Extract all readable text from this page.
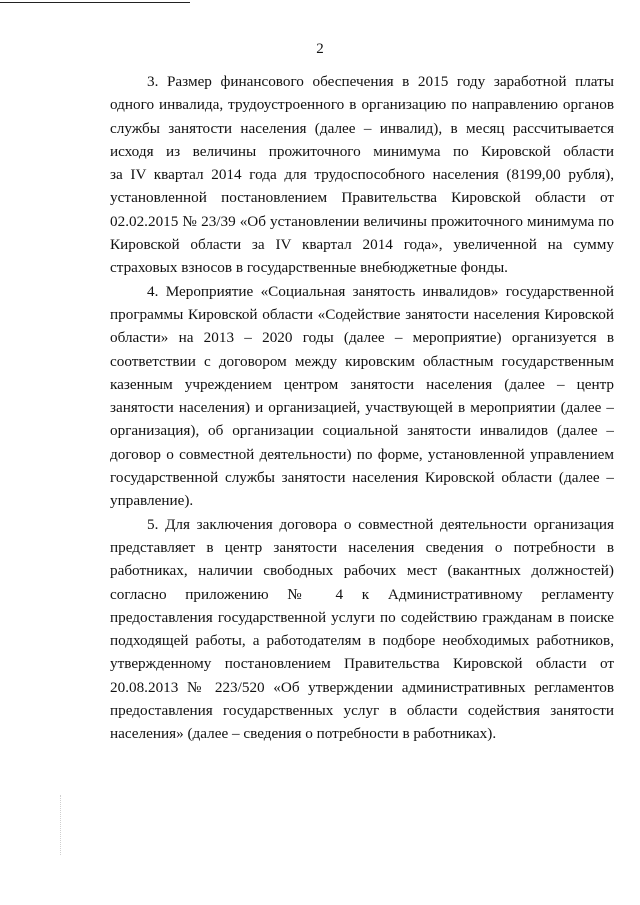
2
3. Размер финансового обеспечения в 2015 году заработной платы
одного инвалида, трудоустроенного в организацию по направлению органов
службы занятости населения (далее – инвалид), в месяц рассчитывается
исходя из величины прожиточного минимума по Кировской области
за IV квартал 2014 года для трудоспособного населения (8199,00 рубля),
установленной постановлением Правительства Кировской области от
02.02.2015 № 23/39 «Об установлении величины прожиточного минимума по
Кировской области за IV квартал 2014 года», увеличенной на сумму
страховых взносов в государственные внебюджетные фонды.
4. Мероприятие «Социальная занятость инвалидов» государственной
программы Кировской области «Содействие занятости населения Кировской
области» на 2013 – 2020 годы (далее – мероприятие) организуется в
соответствии с договором между кировским областным государственным
казенным учреждением центром занятости населения (далее – центр
занятости населения) и организацией, участвующей в мероприятии (далее –
организация), об организации социальной занятости инвалидов (далее –
договор о совместной деятельности) по форме, установленной управлением
государственной службы занятости населения Кировской области (далее –
управление).
5. Для заключения договора о совместной деятельности организация
представляет в центр занятости населения сведения о потребности в
работниках, наличии свободных рабочих мест (вакантных должностей)
согласно приложению № 4 к Административному регламенту
предоставления государственной услуги по содействию гражданам в поиске
подходящей работы, а работодателям в подборе необходимых работников,
утвержденному постановлением Правительства Кировской области от
20.08.2013 № 223/520 «Об утверждении административных регламентов
предоставления государственных услуг в области содействия занятости
населения» (далее – сведения о потребности в работниках).
